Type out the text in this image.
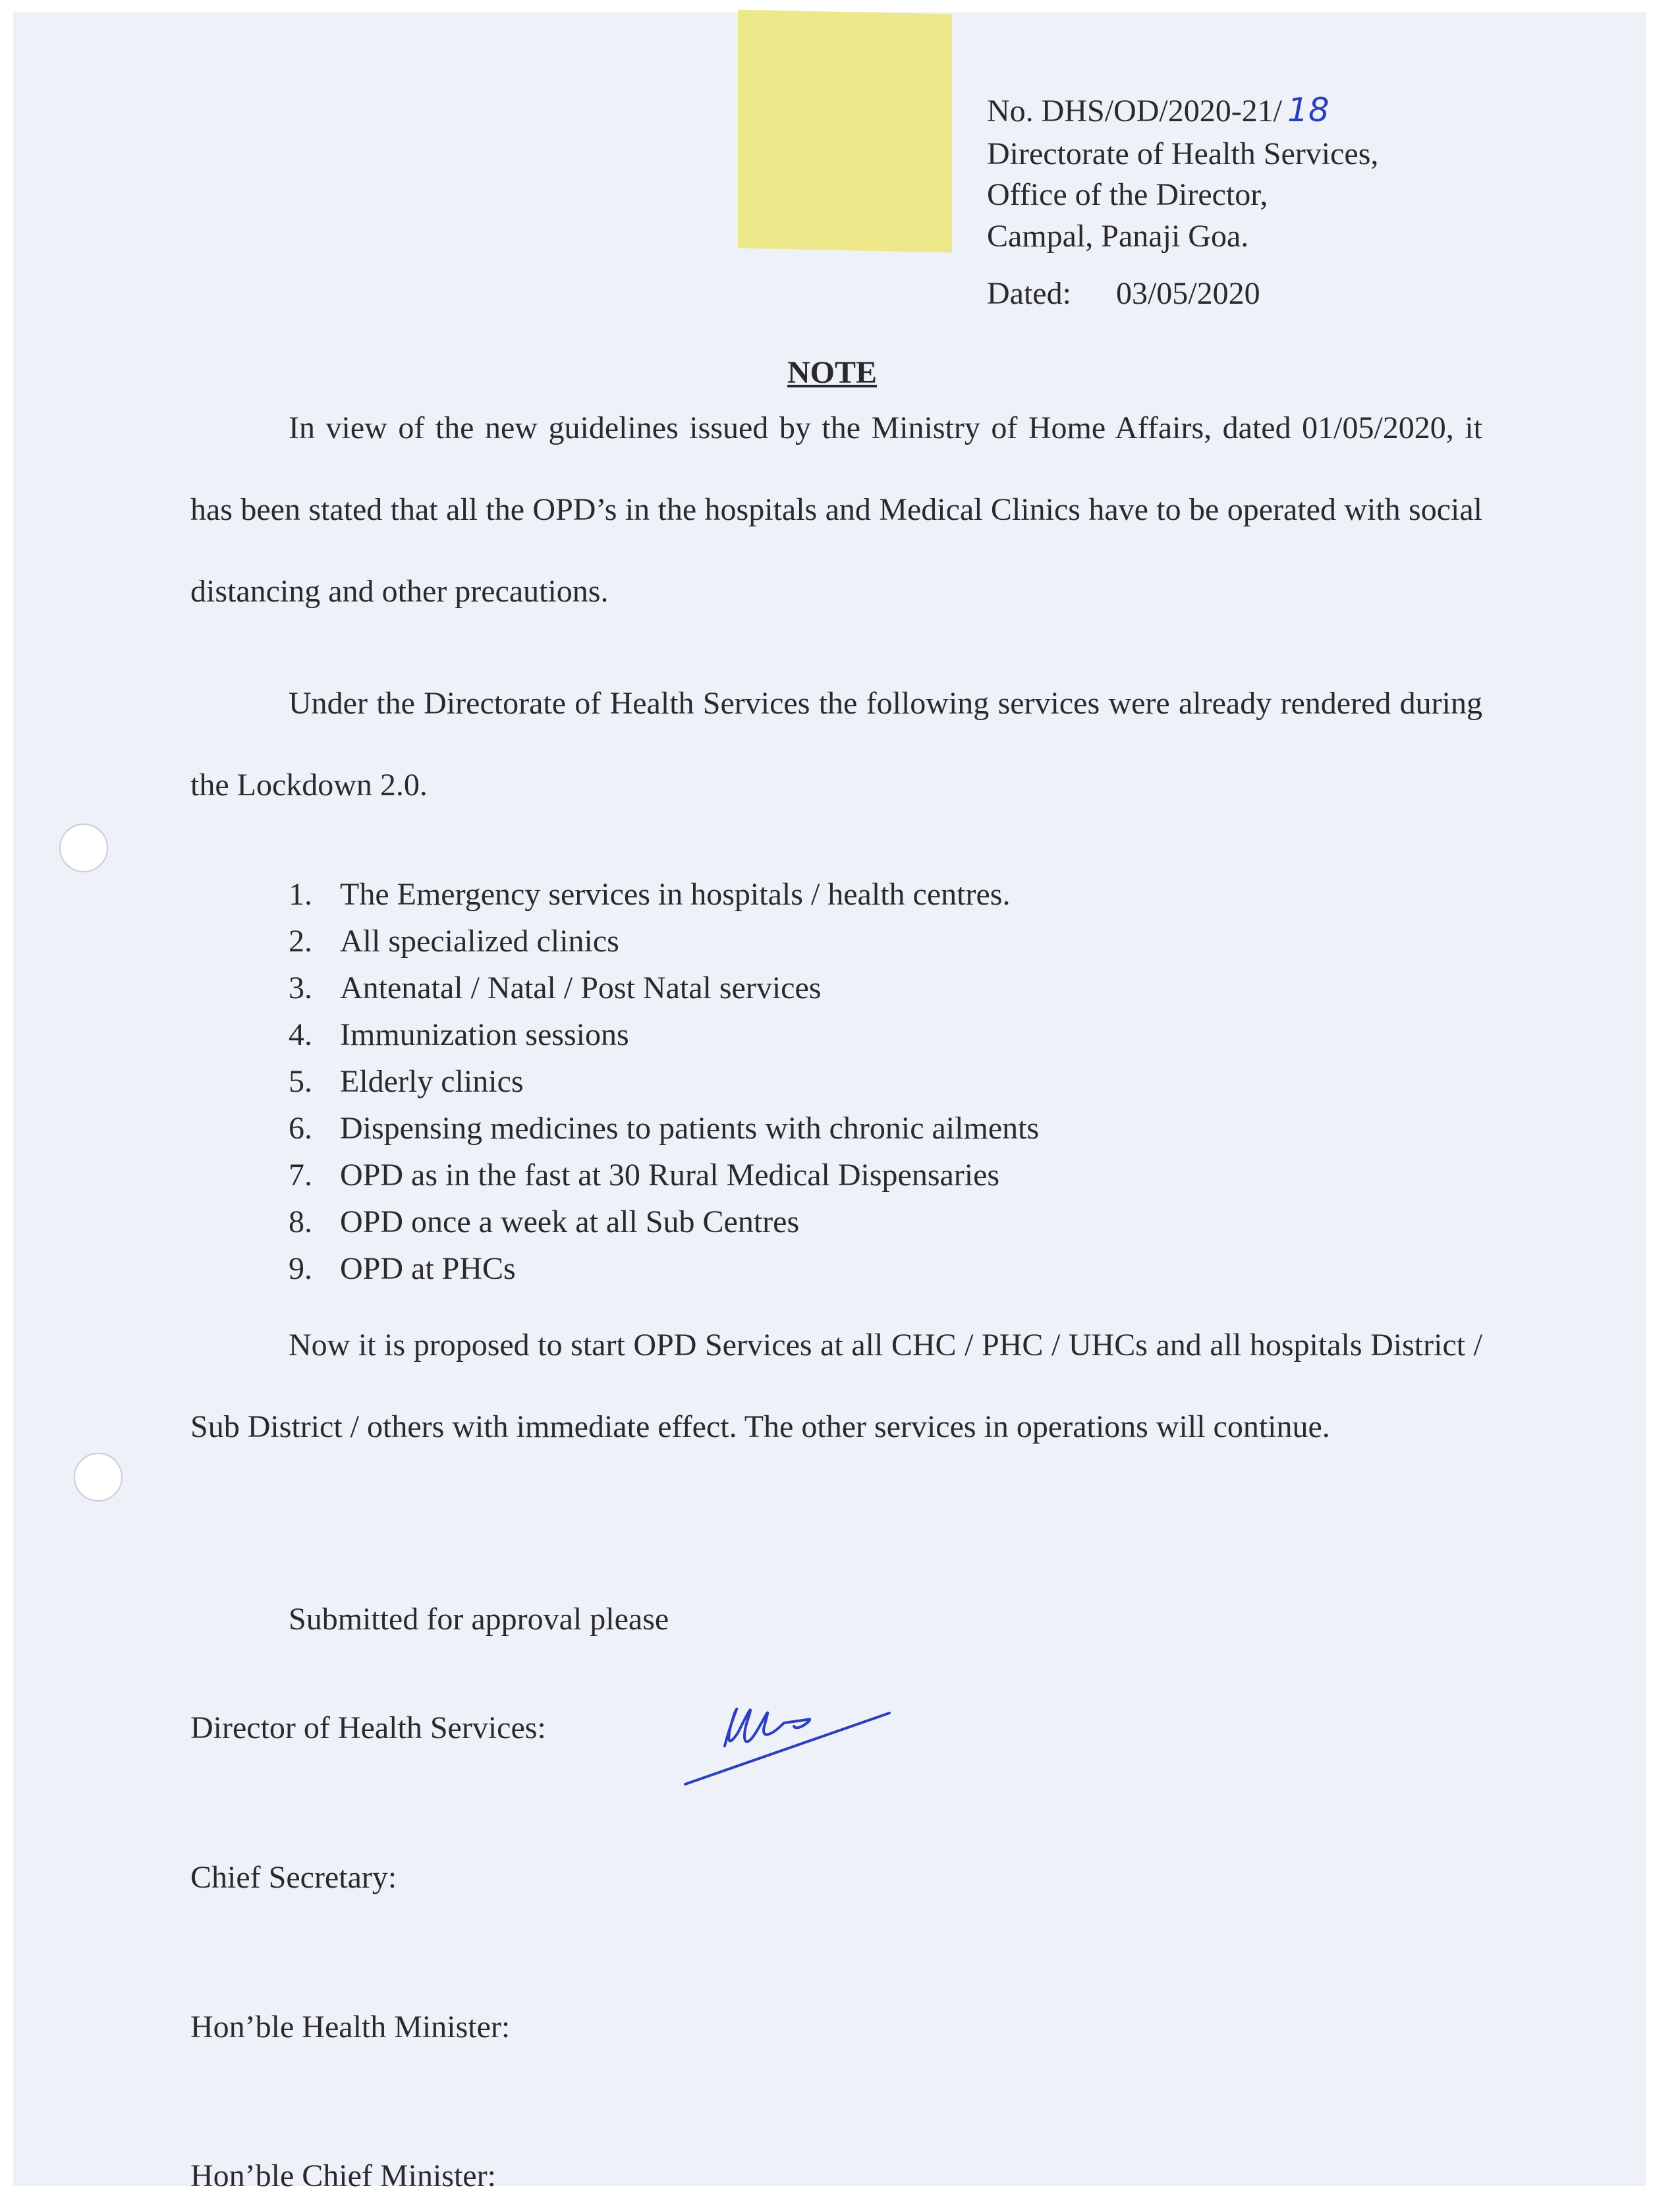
No. DHS/OD/2020-21/ 18
Directorate of Health Services,
Office of the Director,
Campal, Panaji Goa.
Dated: 03/05/2020
NOTE
In view of the new guidelines issued by the Ministry of Home Affairs, dated 01/05/2020, it has been stated that all the OPD’s in the hospitals and Medical Clinics have to be operated with social distancing and other precautions.
Under the Directorate of Health Services the following services were already rendered during the Lockdown 2.0.
1. The Emergency services in hospitals / health centres.
2. All specialized clinics
3. Antenatal / Natal / Post Natal services
4. Immunization sessions
5. Elderly clinics
6. Dispensing medicines to patients with chronic ailments
7. OPD as in the fast at 30 Rural Medical Dispensaries
8. OPD once a week at all Sub Centres
9. OPD at PHCs
Now it is proposed to start OPD Services at all CHC / PHC / UHCs and all hospitals District / Sub District / others with immediate effect. The other services in operations will continue.
Submitted for approval please
Director of Health Services:
Chief Secretary:
Hon’ble Health Minister:
Hon’ble Chief Minister:
